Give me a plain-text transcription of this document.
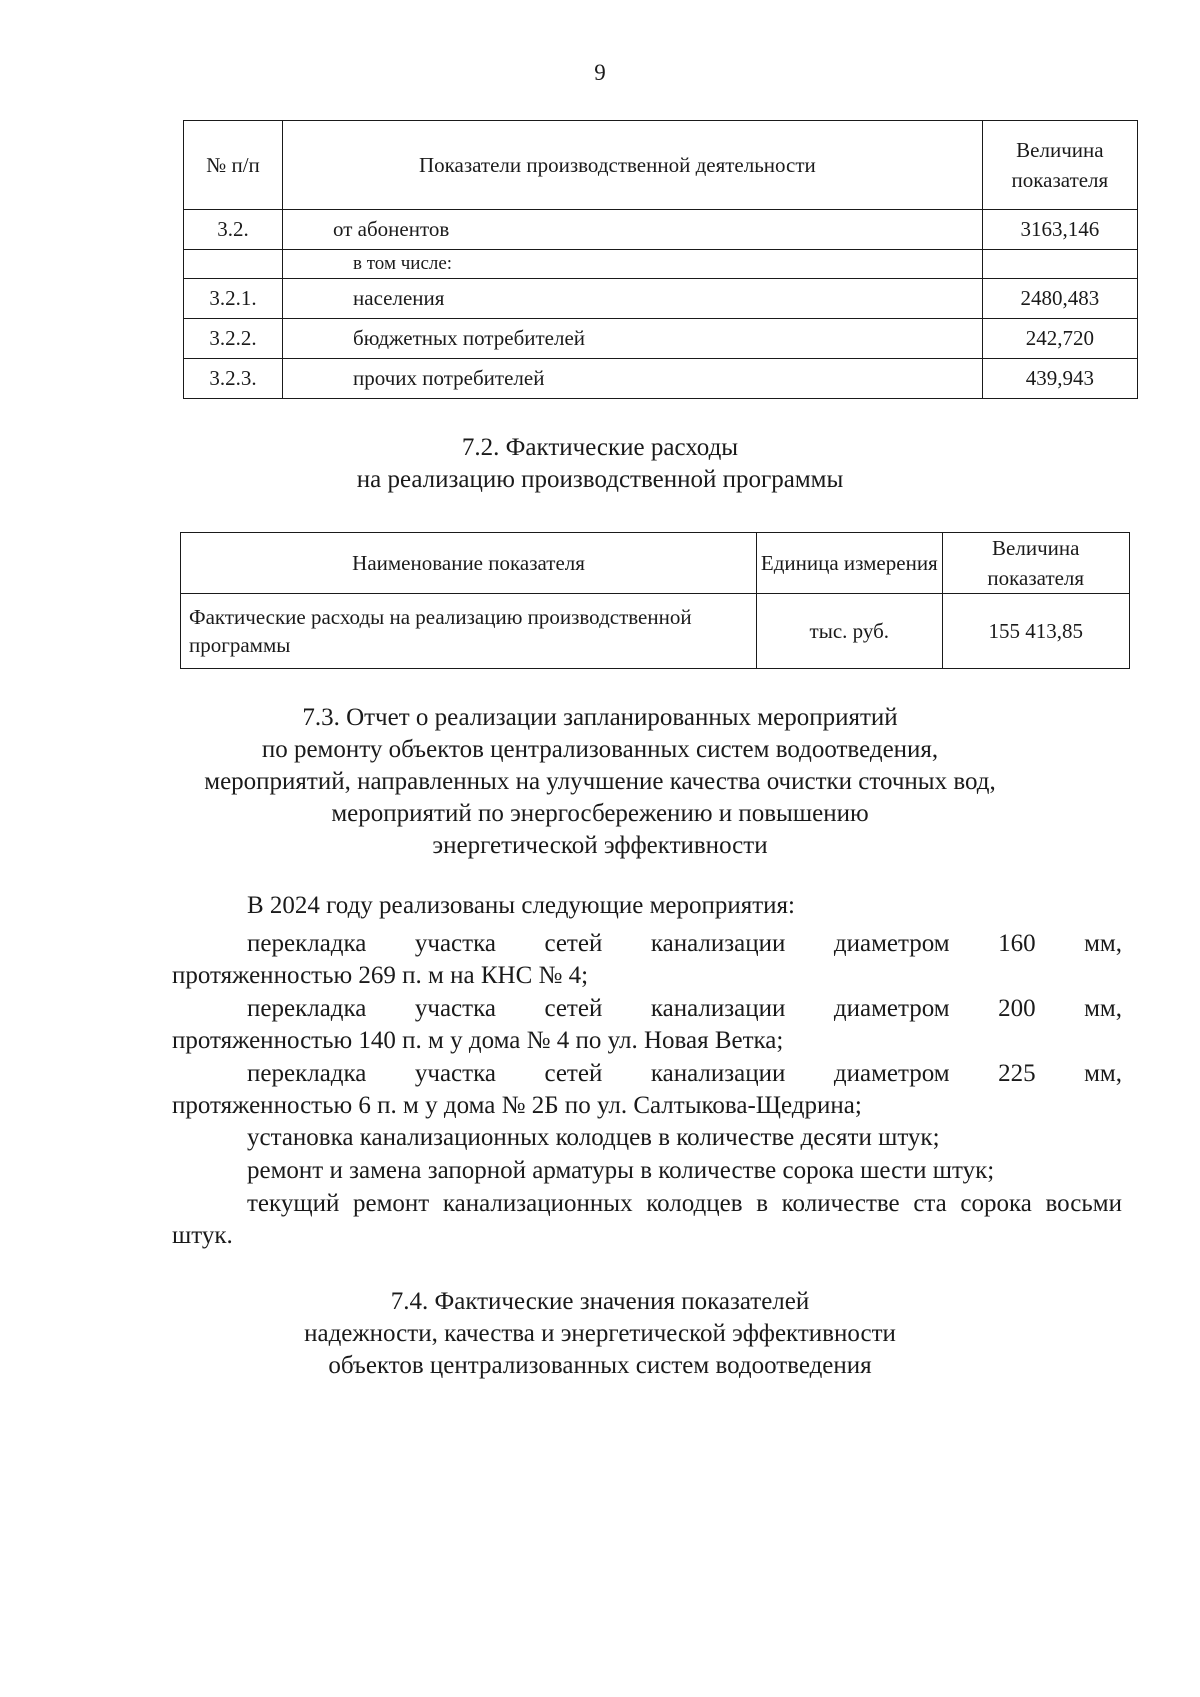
9
№ п/п	Показатели производственной деятельности	Величина показателя
3.2.	от абонентов	3163,146
	в том числе:	
3.2.1.	населения	2480,483
3.2.2.	бюджетных потребителей	242,720
3.2.3.	прочих потребителей	439,943
7.2. Фактические расходы
на реализацию производственной программы
Наименование показателя	Единица измерения	Величина показателя
Фактические расходы на реализацию производственной программы	тыс. руб.	155 413,85
7.3. Отчет о реализации запланированных мероприятий
по ремонту объектов централизованных систем водоотведения,
мероприятий, направленных на улучшение качества очистки сточных вод,
мероприятий по энергосбережению и повышению
энергетической эффективности
В 2024 году реализованы следующие мероприятия:
перекладка участка сетей канализации диаметром 160 мм,
протяженностью 269 п. м на КНС № 4;
перекладка участка сетей канализации диаметром 200 мм,
протяженностью 140 п. м у дома № 4 по ул. Новая Ветка;
перекладка участка сетей канализации диаметром 225 мм,
протяженностью 6 п. м у дома № 2Б по ул. Салтыкова-Щедрина;
установка канализационных колодцев в количестве десяти штук;
ремонт и замена запорной арматуры в количестве сорока шести штук;
текущий ремонт канализационных колодцев в количестве ста сорока восьми штук.
7.4. Фактические значения показателей
надежности, качества и энергетической эффективности
объектов централизованных систем водоотведения
